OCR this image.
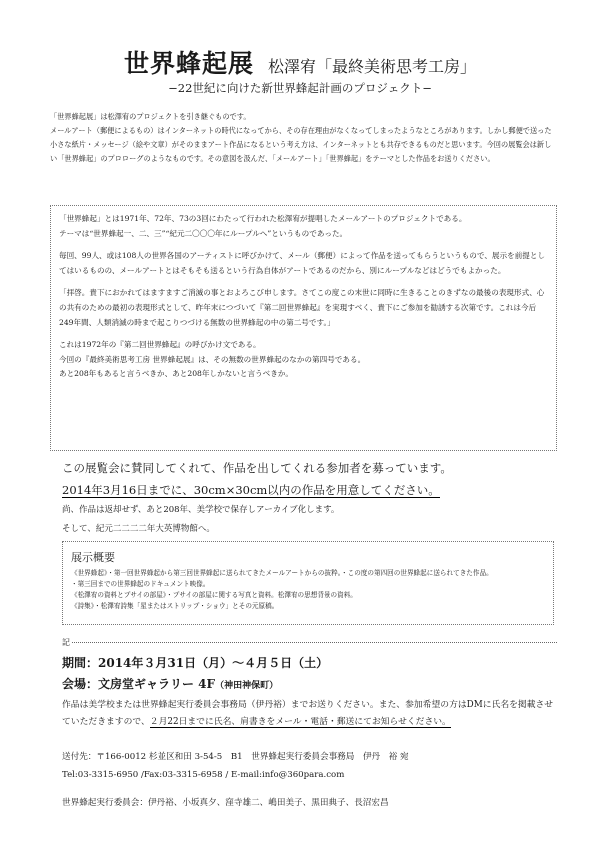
世界蜂起展 松澤宥「最終美術思考工房」
−22世紀に向けた新世界蜂起計画のプロジェクト−
「世界蜂起展」は松澤宥のプロジェクトを引き継ぐものです。
メールアート（郵便によるもの）はインターネットの時代になってから、その存在理由がなくなってしまったようなところがあります。しかし郵便で送った小さな紙片・メッセージ（絵や文章）がそのままアート作品になるという考え方は、インターネットとも共存できるものだと思います。今回の展覧会は新しい「世界蜂起」のプロローグのようなものです。その意図を汲んだ、「メールアート」「世界蜂起」をテーマとした作品をお送りください。

「世界蜂起」とは1971年、72年、73の3回にわたって行われた松澤宥が提唱したメールアートのプロジェクトである。

テーマは“世界蜂起一、二、三”“紀元二〇〇〇年にループルへ”というものであった。

毎回、99人、或は108人の世界各国のアーティストに呼びかけて、メール（郵便）によって作品を送ってもらうというもので、展示を前提としてはいるものの、メールアートとはそもそも送るという行為自体がアートであるのだから、別にループルなどはどうでもよかった。
「拝啓。貴下におかれてはますますご消滅の事とおよろこび申します。さてこの度この末世に同時に生きることのきずなの最後の表現形式、心の共有のための最初の表現形式として、昨年末につづいて『第二回世界蜂起』を実現すべく、貴下にご参加を勧誘する次第です。これは今后249年間、人類消滅の時まで起こりつづける無数の世界蜂起の中の第二号です。」

これは1972年の『第二回世界蜂起』の呼びかけ文である。

今回の『最終美術思考工房 世界蜂起展』は、その無数の世界蜂起のなかの第四号である。

あと208年もあると言うべきか、あと208年しかないと言うべきか。

この展覧会に賛同してくれて、作品を出してくれる参加者を募っています。
2014年3月16日までに、30cm×30cm以内の作品を用意してください。
尚、作品は返却せず、あと208年、美学校で保存しアーカイブ化します。
そして、紀元二二二二年大英博物館へ。
展示概要
《世界蜂起》・第一回世界蜂起から第三回世界蜂起に送られてきたメールアートからの抜粋。・この度の第四回の世界蜂起に送られてきた作品。
・第三回までの世界蜂起のドキュメント映像。
《松澤宥の資料とプサイの部屋》・プサイの部屋に関する写真と資料。松澤宥の思想背景の資料。
《詩集》・松澤宥詩集「星またはストリップ・ショウ」とその元原稿。
記
期間：2014年３月31日（月）〜４月５日（土）
会場：文房堂ギャラリー 4F（神田神保町）
作品は美学校または世界蜂起実行委員会事務局（伊丹裕）までお送りください。また、参加希望の方はDMに氏名を掲載させていただきますので、２月22日までに氏名、肩書きをメール・電話・郵送にてお知らせください。
送付先：〒166-0012 杉並区和田 3-54-5　B1　世界蜂起実行委員会事務局　伊丹　裕 宛
Tel:03-3315-6950 /Fax:03-3315-6958 / E-mail:info@360para.com
世界蜂起実行委員会：伊丹裕、小坂真夕、窪寺雄二、嶋田美子、黒田典子、長沼宏昌
